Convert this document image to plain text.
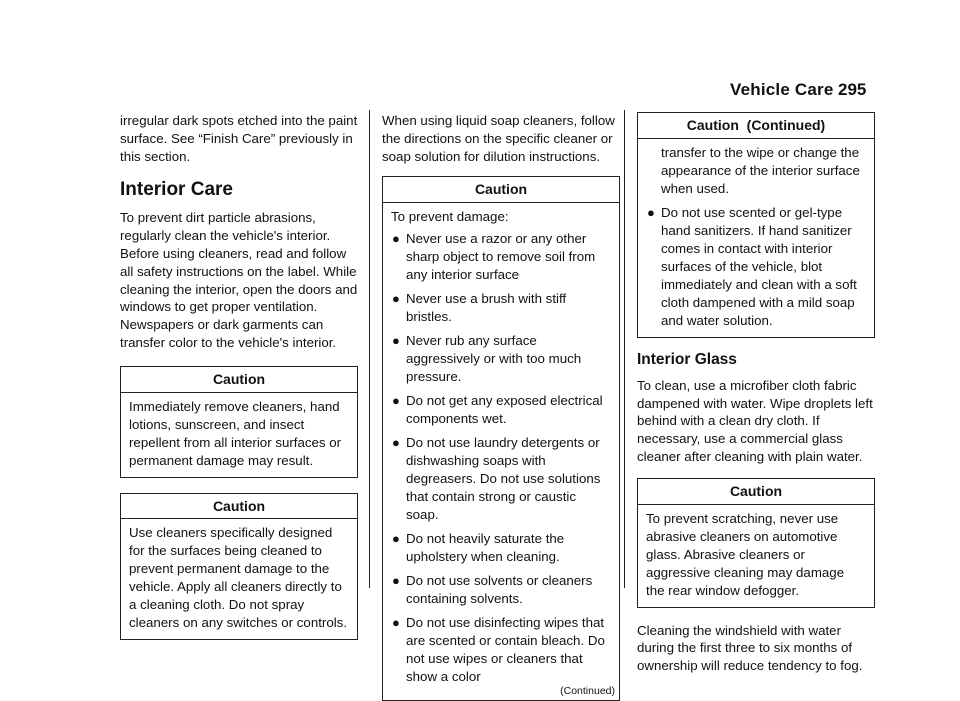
Vehicle Care 295

irregular dark spots etched into the paint surface. See “Finish Care” previously in this section.

Interior Care

To prevent dirt particle abrasions, regularly clean the vehicle's interior. Before using cleaners, read and follow all safety instructions on the label. While cleaning the interior, open the doors and windows to get proper ventilation. Newspapers or dark garments can transfer color to the vehicle's interior.

Caution
Immediately remove cleaners, hand lotions, sunscreen, and insect repellent from all interior surfaces or permanent damage may result.
Caution
Use cleaners specifically designed for the surfaces being cleaned to prevent permanent damage to the vehicle. Apply all cleaners directly to a cleaning cloth. Do not spray cleaners on any switches or controls.

When using liquid soap cleaners, follow the directions on the specific cleaner or soap solution for dilution instructions.

Caution

To prevent damage:

● Never use a razor or any other sharp object to remove soil from any interior surface
● Never use a brush with stiff bristles.
● Never rub any surface aggressively or with too much pressure.
● Do not get any exposed electrical components wet.
● Do not use laundry detergents or dishwashing soaps with degreasers. Do not use solutions that contain strong or caustic soap.
● Do not heavily saturate the upholstery when cleaning.
● Do not use solvents or cleaners containing solvents.
● Do not use disinfecting wipes that are scented or contain bleach. Do not use wipes or cleaners that show a color
(Continued)
Caution  (Continued)
transfer to the wipe or change the appearance of the interior surface when used.
● Do not use scented or gel-type hand sanitizers. If hand sanitizer comes in contact with interior surfaces of the vehicle, blot immediately and clean with a soft cloth dampened with a mild soap and water solution.
Interior Glass

To clean, use a microfiber cloth fabric dampened with water. Wipe droplets left behind with a clean dry cloth. If necessary, use a commercial glass cleaner after cleaning with plain water.

Caution
To prevent scratching, never use abrasive cleaners on automotive glass. Abrasive cleaners or aggressive cleaning may damage the rear window defogger.

Cleaning the windshield with water during the first three to six months of ownership will reduce tendency to fog.
